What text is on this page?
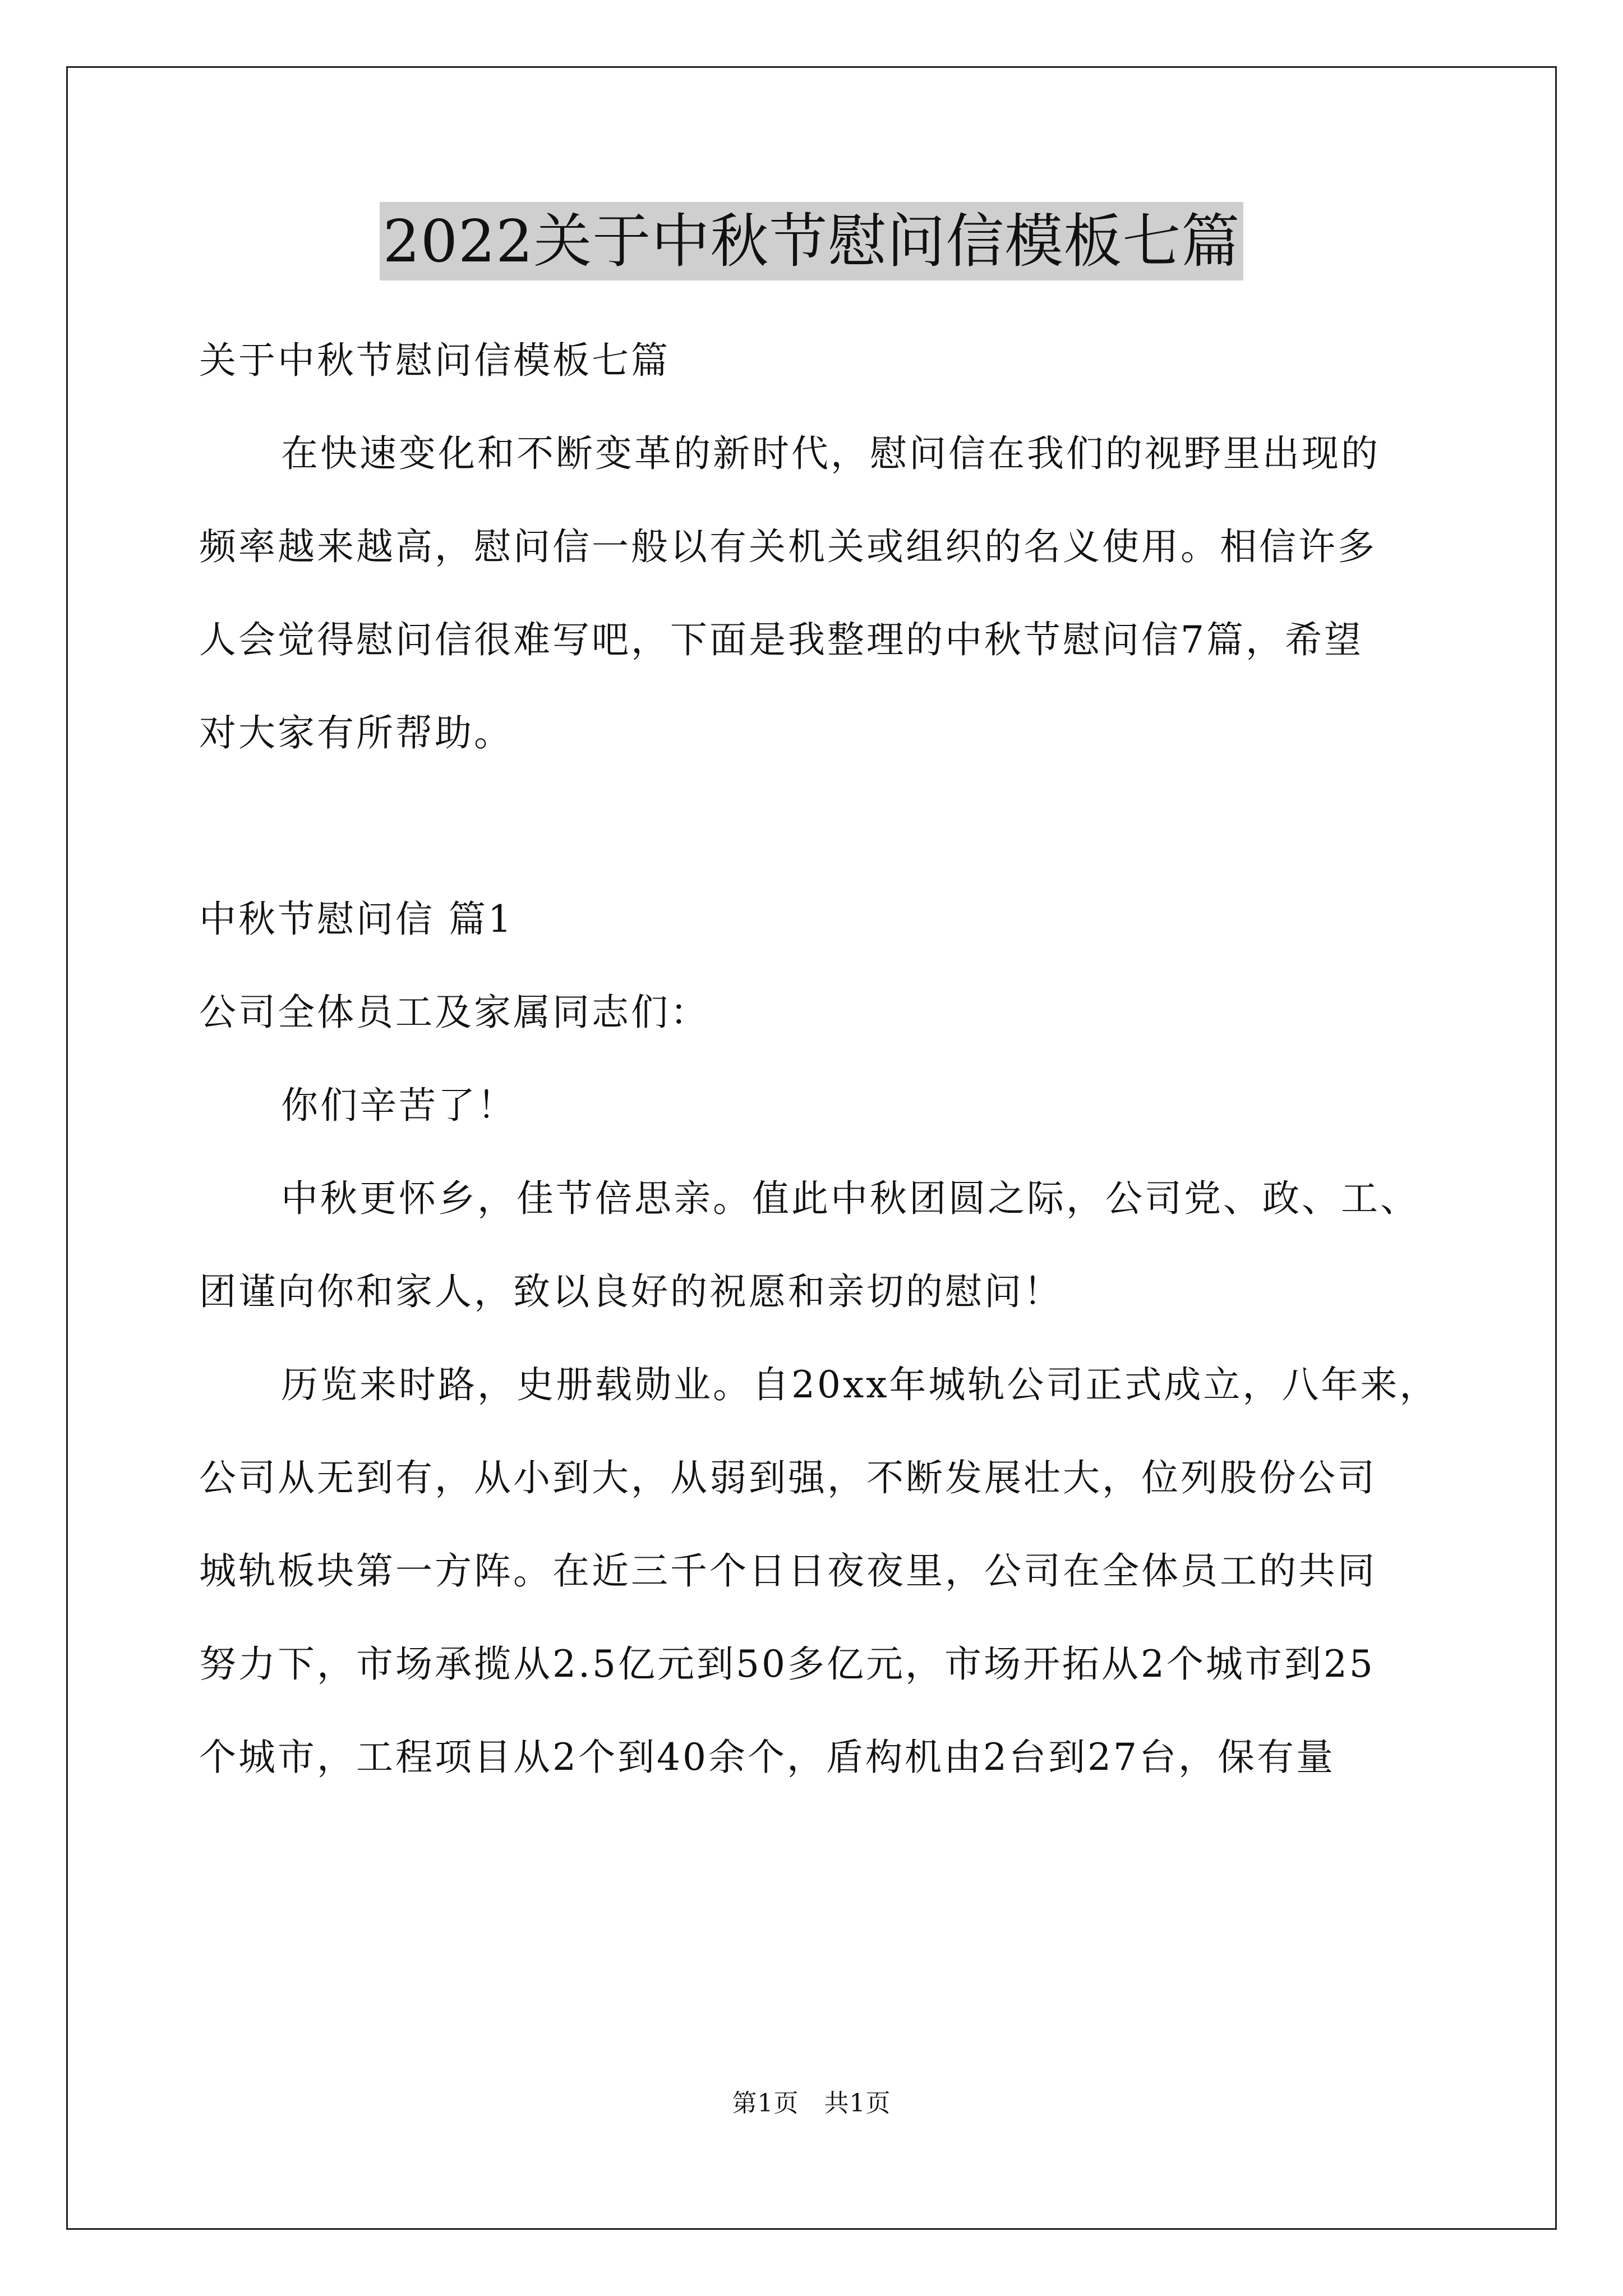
2022关于中秋节慰问信模板七篇
关于中秋节慰问信模板七篇
在快速变化和不断变革的新时代，慰问信在我们的视野里出现的
频率越来越高，慰问信一般以有关机关或组织的名义使用。相信许多
人会觉得慰问信很难写吧，下面是我整理的中秋节慰问信7篇，希望
对大家有所帮助。
中秋节慰问信 篇1
公司全体员工及家属同志们：
你们辛苦了！
中秋更怀乡，佳节倍思亲。值此中秋团圆之际，公司党、政、工、
团谨向你和家人，致以良好的祝愿和亲切的慰问！
历览来时路，史册载勋业。自20xx年城轨公司正式成立，八年来，
公司从无到有，从小到大，从弱到强，不断发展壮大，位列股份公司
城轨板块第一方阵。在近三千个日日夜夜里，公司在全体员工的共同
努力下，市场承揽从2.5亿元到50多亿元，市场开拓从2个城市到25
个城市，工程项目从2个到40余个，盾构机由2台到27台，保有量
第1页　共1页
